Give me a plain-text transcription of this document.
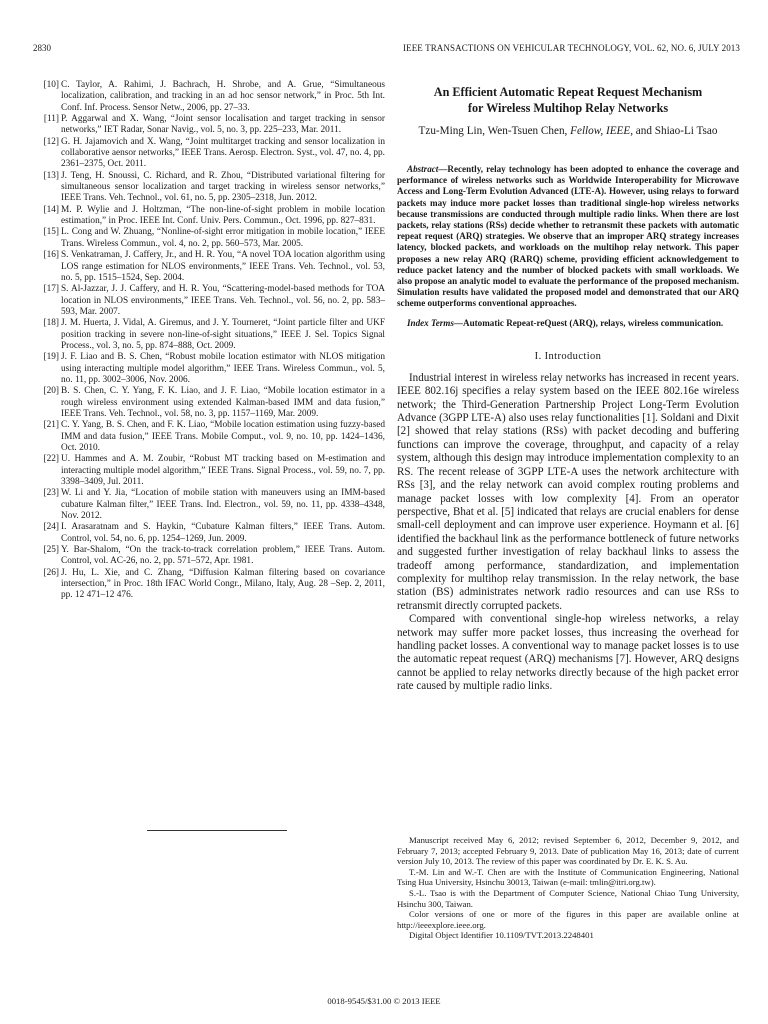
2830	IEEE TRANSACTIONS ON VEHICULAR TECHNOLOGY, VOL. 62, NO. 6, JULY 2013
[10] C. Taylor, A. Rahimi, J. Bachrach, H. Shrobe, and A. Grue, “Simultaneous localization, calibration, and tracking in an ad hoc sensor network,” in Proc. 5th Int. Conf. Inf. Process. Sensor Netw., 2006, pp. 27–33.
[11] P. Aggarwal and X. Wang, “Joint sensor localisation and target tracking in sensor networks,” IET Radar, Sonar Navig., vol. 5, no. 3, pp. 225–233, Mar. 2011.
[12] G. H. Jajamovich and X. Wang, “Joint multitarget tracking and sensor localization in collaborative aensor networks,” IEEE Trans. Aerosp. Electron. Syst., vol. 47, no. 4, pp. 2361–2375, Oct. 2011.
[13] J. Teng, H. Snoussi, C. Richard, and R. Zhou, “Distributed variational filtering for simultaneous sensor localization and target tracking in wireless sensor networks,” IEEE Trans. Veh. Technol., vol. 61, no. 5, pp. 2305–2318, Jun. 2012.
[14] M. P. Wylie and J. Holtzman, “The non-line-of-sight problem in mobile location estimation,” in Proc. IEEE Int. Conf. Univ. Pers. Commun., Oct. 1996, pp. 827–831.
[15] L. Cong and W. Zhuang, “Nonline-of-sight error mitigation in mobile location,” IEEE Trans. Wireless Commun., vol. 4, no. 2, pp. 560–573, Mar. 2005.
[16] S. Venkatraman, J. Caffery, Jr., and H. R. You, “A novel TOA location algorithm using LOS range estimation for NLOS environments,” IEEE Trans. Veh. Technol., vol. 53, no. 5, pp. 1515–1524, Sep. 2004.
[17] S. Al-Jazzar, J. J. Caffery, and H. R. You, “Scattering-model-based methods for TOA location in NLOS environments,” IEEE Trans. Veh. Technol., vol. 56, no. 2, pp. 583–593, Mar. 2007.
[18] J. M. Huerta, J. Vidal, A. Giremus, and J. Y. Tourneret, “Joint particle filter and UKF position tracking in severe non-line-of-sight situations,” IEEE J. Sel. Topics Signal Process., vol. 3, no. 5, pp. 874–888, Oct. 2009.
[19] J. F. Liao and B. S. Chen, “Robust mobile location estimator with NLOS mitigation using interacting multiple model algorithm,” IEEE Trans. Wireless Commun., vol. 5, no. 11, pp. 3002–3006, Nov. 2006.
[20] B. S. Chen, C. Y. Yang, F. K. Liao, and J. F. Liao, “Mobile location estimator in a rough wireless environment using extended Kalman-based IMM and data fusion,” IEEE Trans. Veh. Technol., vol. 58, no. 3, pp. 1157–1169, Mar. 2009.
[21] C. Y. Yang, B. S. Chen, and F. K. Liao, “Mobile location estimation using fuzzy-based IMM and data fusion,” IEEE Trans. Mobile Comput., vol. 9, no. 10, pp. 1424–1436, Oct. 2010.
[22] U. Hammes and A. M. Zoubir, “Robust MT tracking based on M-estimation and interacting multiple model algorithm,” IEEE Trans. Signal Process., vol. 59, no. 7, pp. 3398–3409, Jul. 2011.
[23] W. Li and Y. Jia, “Location of mobile station with maneuvers using an IMM-based cubature Kalman filter,” IEEE Trans. Ind. Electron., vol. 59, no. 11, pp. 4338–4348, Nov. 2012.
[24] I. Arasaratnam and S. Haykin, “Cubature Kalman filters,” IEEE Trans. Autom. Control, vol. 54, no. 6, pp. 1254–1269, Jun. 2009.
[25] Y. Bar-Shalom, “On the track-to-track correlation problem,” IEEE Trans. Autom. Control, vol. AC-26, no. 2, pp. 571–572, Apr. 1981.
[26] J. Hu, L. Xie, and C. Zhang, “Diffusion Kalman filtering based on covariance intersection,” in Proc. 18th IFAC World Congr., Milano, Italy, Aug. 28 –Sep. 2, 2011, pp. 12 471–12 476.
An Efficient Automatic Repeat Request Mechanism
for Wireless Multihop Relay Networks
Tzu-Ming Lin, Wen-Tsuen Chen, Fellow, IEEE, and Shiao-Li Tsao

Abstract—Recently, relay technology has been adopted to enhance the coverage and performance of wireless networks such as Worldwide Interoperability for Microwave Access and Long-Term Evolution Advanced (LTE-A). However, using relays to forward packets may induce more packet losses than traditional single-hop wireless networks because transmissions are conducted through multiple radio links. When there are lost packets, relay stations (RSs) decide whether to retransmit these packets with automatic repeat request (ARQ) strategies. We observe that an improper ARQ strategy increases latency, blocked packets, and workloads on the multihop relay network. This paper proposes a new relay ARQ (RARQ) scheme, providing efficient acknowledgement to reduce packet latency and the number of blocked packets with small workloads. We also propose an analytic model to evaluate the performance of the proposed mechanism. Simulation results have validated the proposed model and demonstrated that our ARQ scheme outperforms conventional approaches.

Index Terms—Automatic Repeat-reQuest (ARQ), relays, wireless communication.

I. Introduction

Industrial interest in wireless relay networks has increased in recent years. IEEE 802.16j specifies a relay system based on the IEEE 802.16e wireless network; the Third-Generation Partnership Project Long-Term Evolution Advance (3GPP LTE-A) also uses relay functionalities [1]. Soldani and Dixit [2] showed that relay stations (RSs) with packet decoding and buffering functions can improve the coverage, throughput, and capacity of a relay system, although this design may introduce implementation complexity to an RS. The recent release of 3GPP LTE-A uses the network architecture with RSs [3], and the relay network can avoid complex routing problems and manage packet losses with low complexity [4]. From an operator perspective, Bhat et al. [5] indicated that relays are crucial enablers for dense small-cell deployment and can improve user experience. Hoymann et al. [6] identified the backhaul link as the performance bottleneck of future networks and suggested further investigation of relay backhaul links to assess the tradeoff among performance, standardization, and implementation complexity for multihop relay transmission. In the relay network, the base station (BS) administrates network radio resources and can use RSs to retransmit directly corrupted packets.

Compared with conventional single-hop wireless networks, a relay network may suffer more packet losses, thus increasing the overhead for handling packet losses. A conventional way to manage packet losses is to use the automatic repeat request (ARQ) mechanisms [7]. However, ARQ designs cannot be applied to relay networks directly because of the high packet error rate caused by multiple radio links.

Manuscript received May 6, 2012; revised September 6, 2012, December 9, 2012, and February 7, 2013; accepted February 9, 2013. Date of publication May 16, 2013; date of current version July 10, 2013. The review of this paper was coordinated by Dr. E. K. S. Au.

T.-M. Lin and W.-T. Chen are with the Institute of Communication Engineering, National Tsing Hua University, Hsinchu 30013, Taiwan (e-mail: tmlin@itri.org.tw).

S.-L. Tsao is with the Department of Computer Science, National Chiao Tung University, Hsinchu 300, Taiwan.

Color versions of one or more of the figures in this paper are available online at http://ieeexplore.ieee.org.

Digital Object Identifier 10.1109/TVT.2013.2248401

0018-9545/$31.00 © 2013 IEEE
